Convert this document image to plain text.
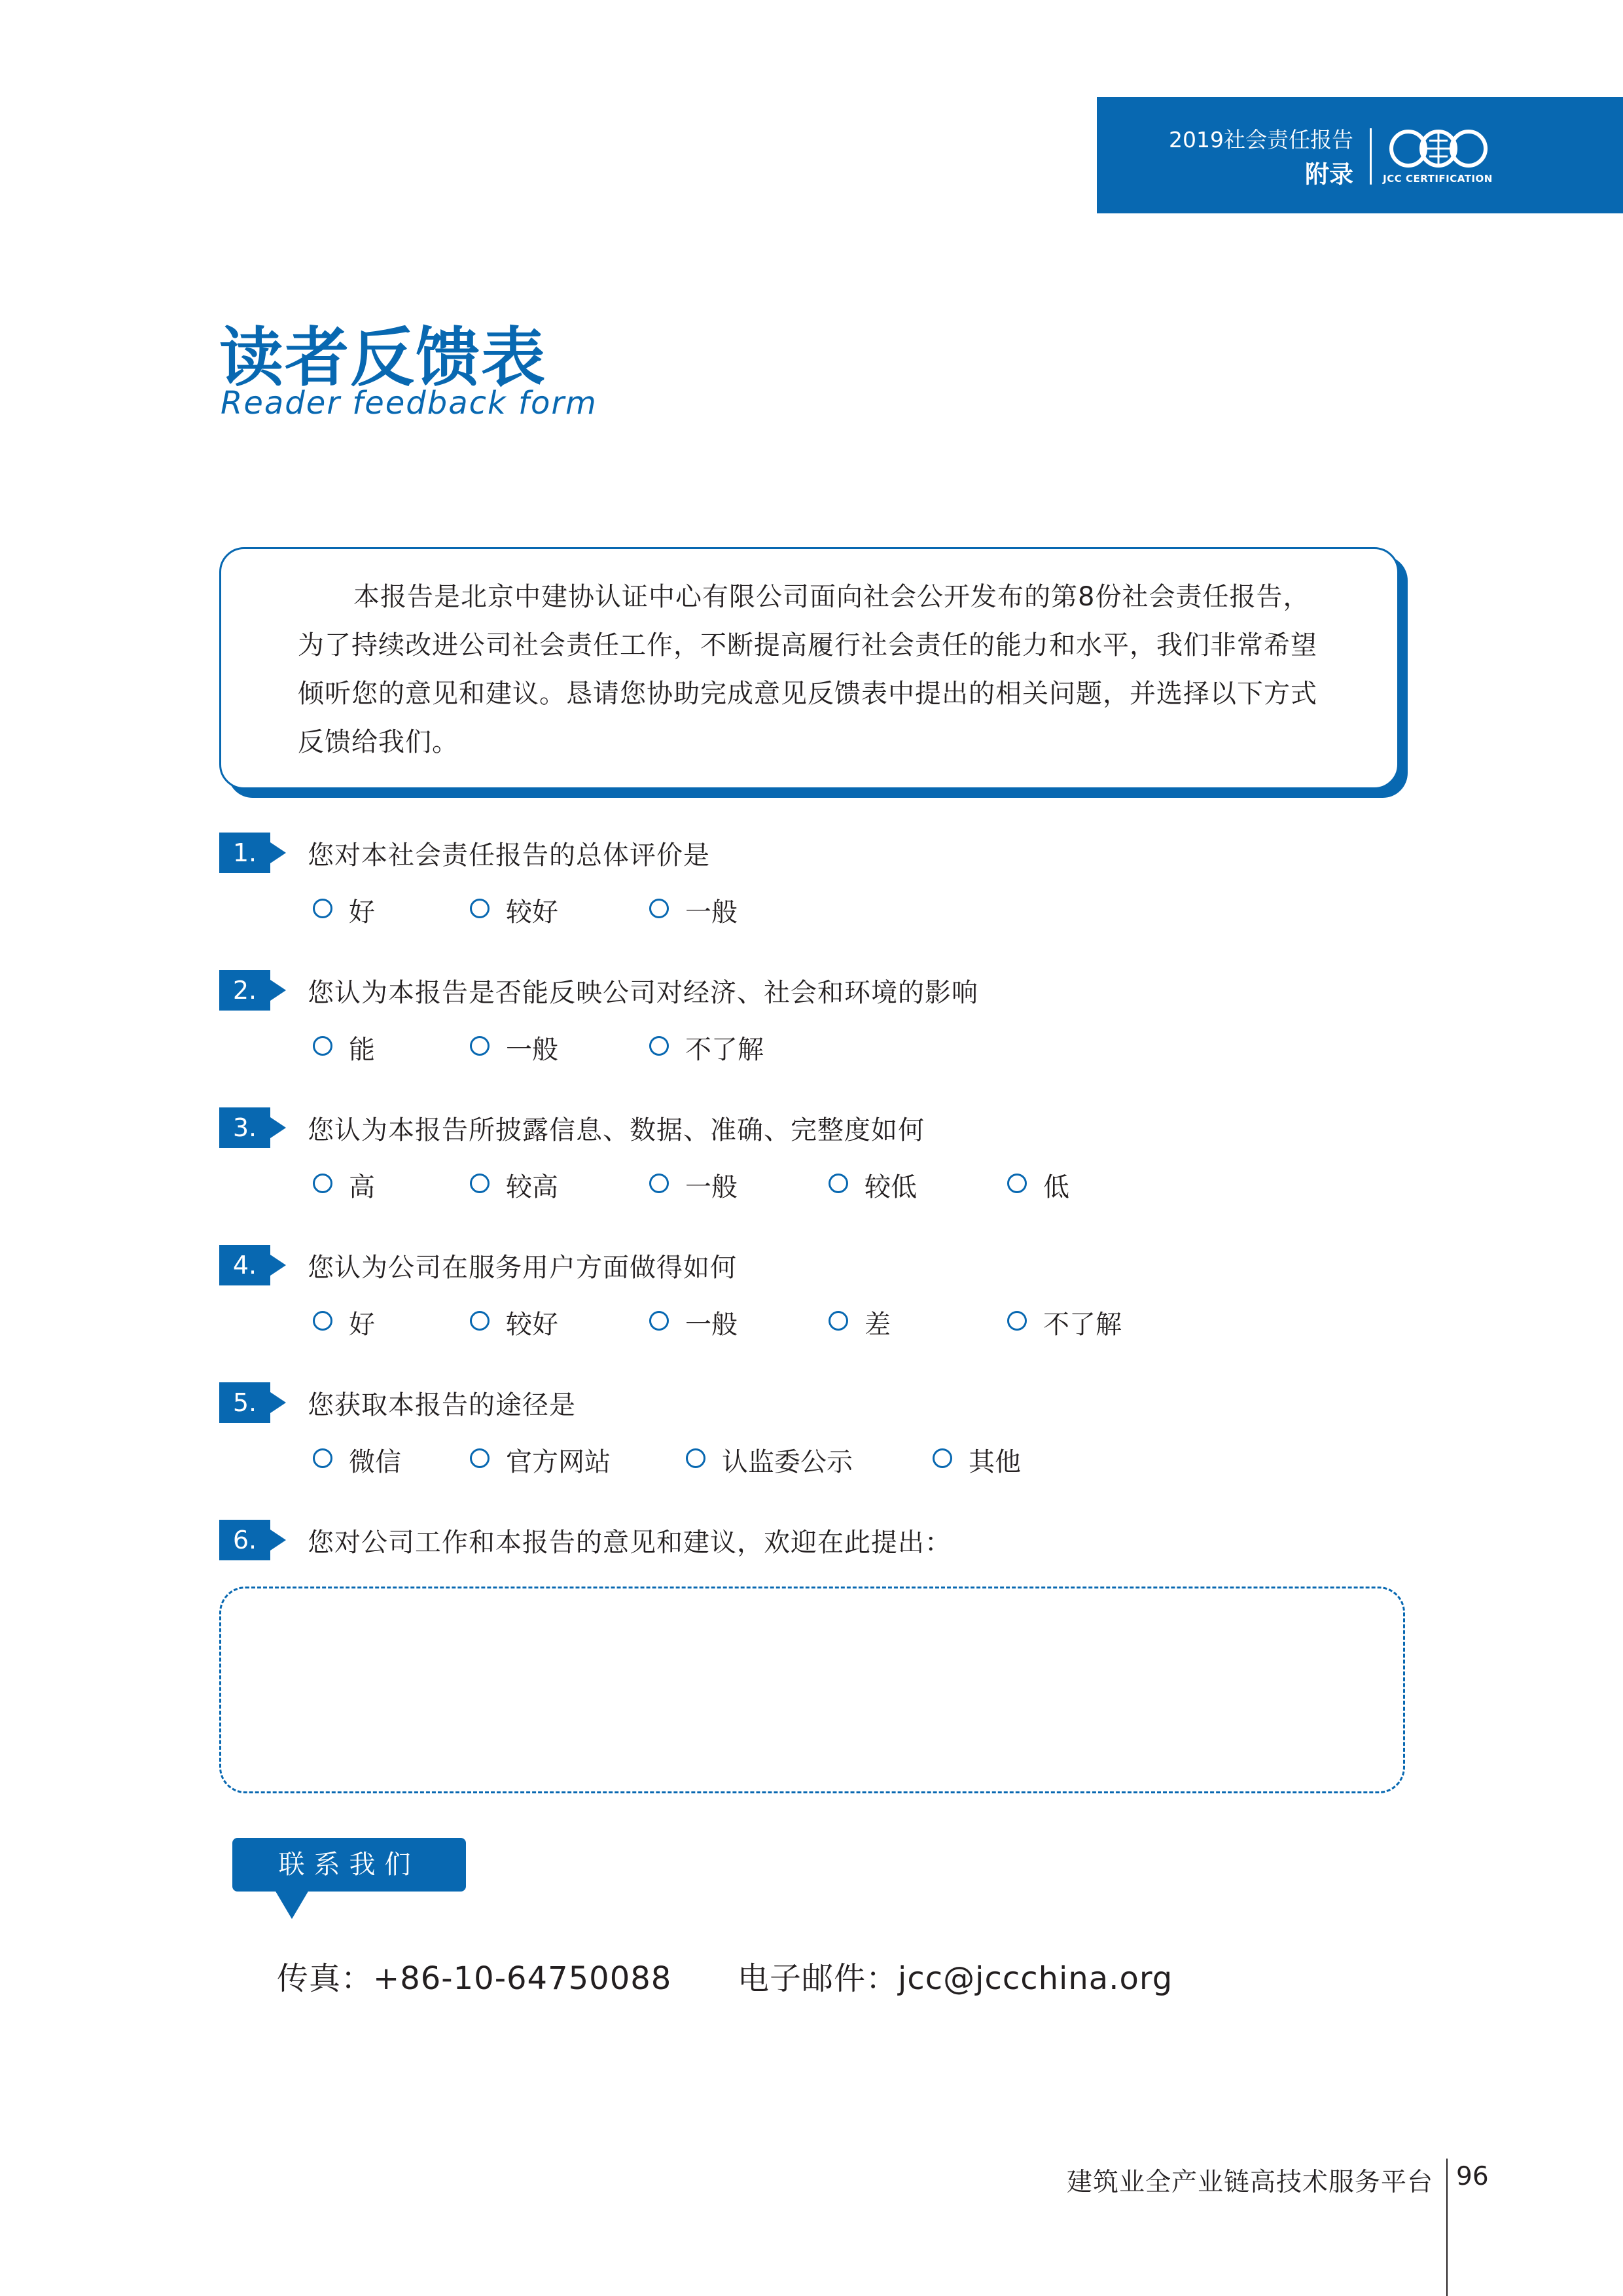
2019社会责任报告
附录	JCC CERTIFICATION
读者反馈表
Reader feedback form
本报告是北京中建协认证中心有限公司面向社会公开发布的第8份社会责任报告，为了持续改进公司社会责任工作，不断提高履行社会责任的能力和水平，我们非常希望倾听您的意见和建议。恳请您协助完成意见反馈表中提出的相关问题，并选择以下方式反馈给我们。
1.	您对本社会责任报告的总体评价是
好	较好	一般
2.	您认为本报告是否能反映公司对经济、社会和环境的影响
能	一般	不了解
3.	您认为本报告所披露信息、数据、准确、完整度如何
高	较高	一般	较低	低
4.	您认为公司在服务用户方面做得如何
好	较好	一般	差	不了解
5.	您获取本报告的途径是
微信	官方网站	认监委公示	其他
6.	您对公司工作和本报告的意见和建议，欢迎在此提出：
联系我们
传真：+86-10-64750088 电子邮件：jcc@jccchina.org
建筑业全产业链高技术服务平台 96
